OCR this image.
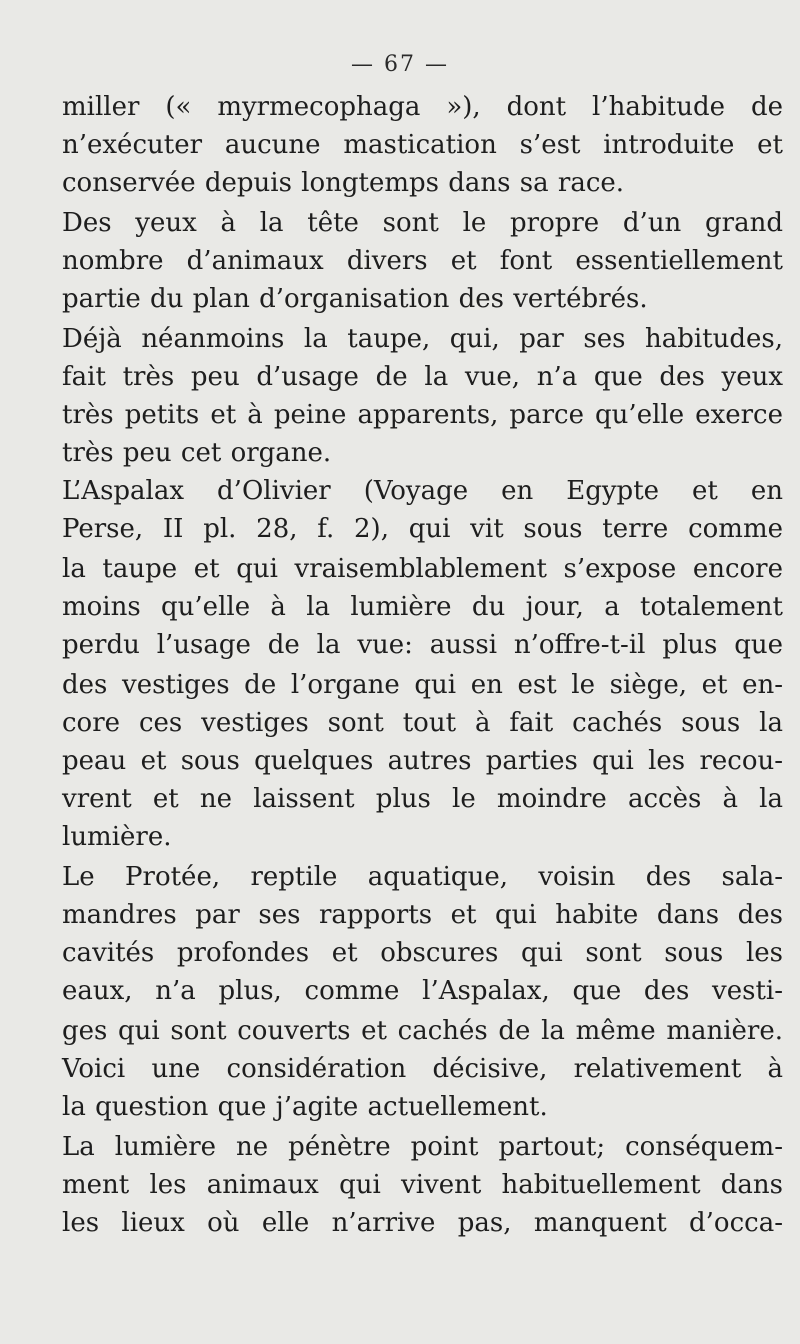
— 67 —
miller (« myrmecophaga »), dont l’habitude de
n’exécuter aucune mastication s’est introduite et
conservée depuis longtemps dans sa race.
Des yeux à la tête sont le propre d’un grand
nombre d’animaux divers et font essentiellement
partie du plan d’organisation des vertébrés.
Déjà néanmoins la taupe, qui, par ses habitudes,
fait très peu d’usage de la vue, n’a que des yeux
très petits et à peine apparents, parce qu’elle exerce
très peu cet organe.
L’Aspalax d’Olivier (Voyage en Egypte et en
Perse, II pl. 28, f. 2), qui vit sous terre comme
la taupe et qui vraisemblablement s’expose encore
moins qu’elle à la lumière du jour, a totalement
perdu l’usage de la vue: aussi n’offre-t-il plus que
des vestiges de l’organe qui en est le siège, et en-
core ces vestiges sont tout à fait cachés sous la
peau et sous quelques autres parties qui les recou-
vrent et ne laissent plus le moindre accès à la
lumière.
Le Protée, reptile aquatique, voisin des sala-
mandres par ses rapports et qui habite dans des
cavités profondes et obscures qui sont sous les
eaux, n’a plus, comme l’Aspalax, que des vesti-
ges qui sont couverts et cachés de la même manière.
Voici une considération décisive, relativement à
la question que j’agite actuellement.
La lumière ne pénètre point partout; conséquem-
ment les animaux qui vivent habituellement dans
les lieux où elle n’arrive pas, manquent d’occa-
